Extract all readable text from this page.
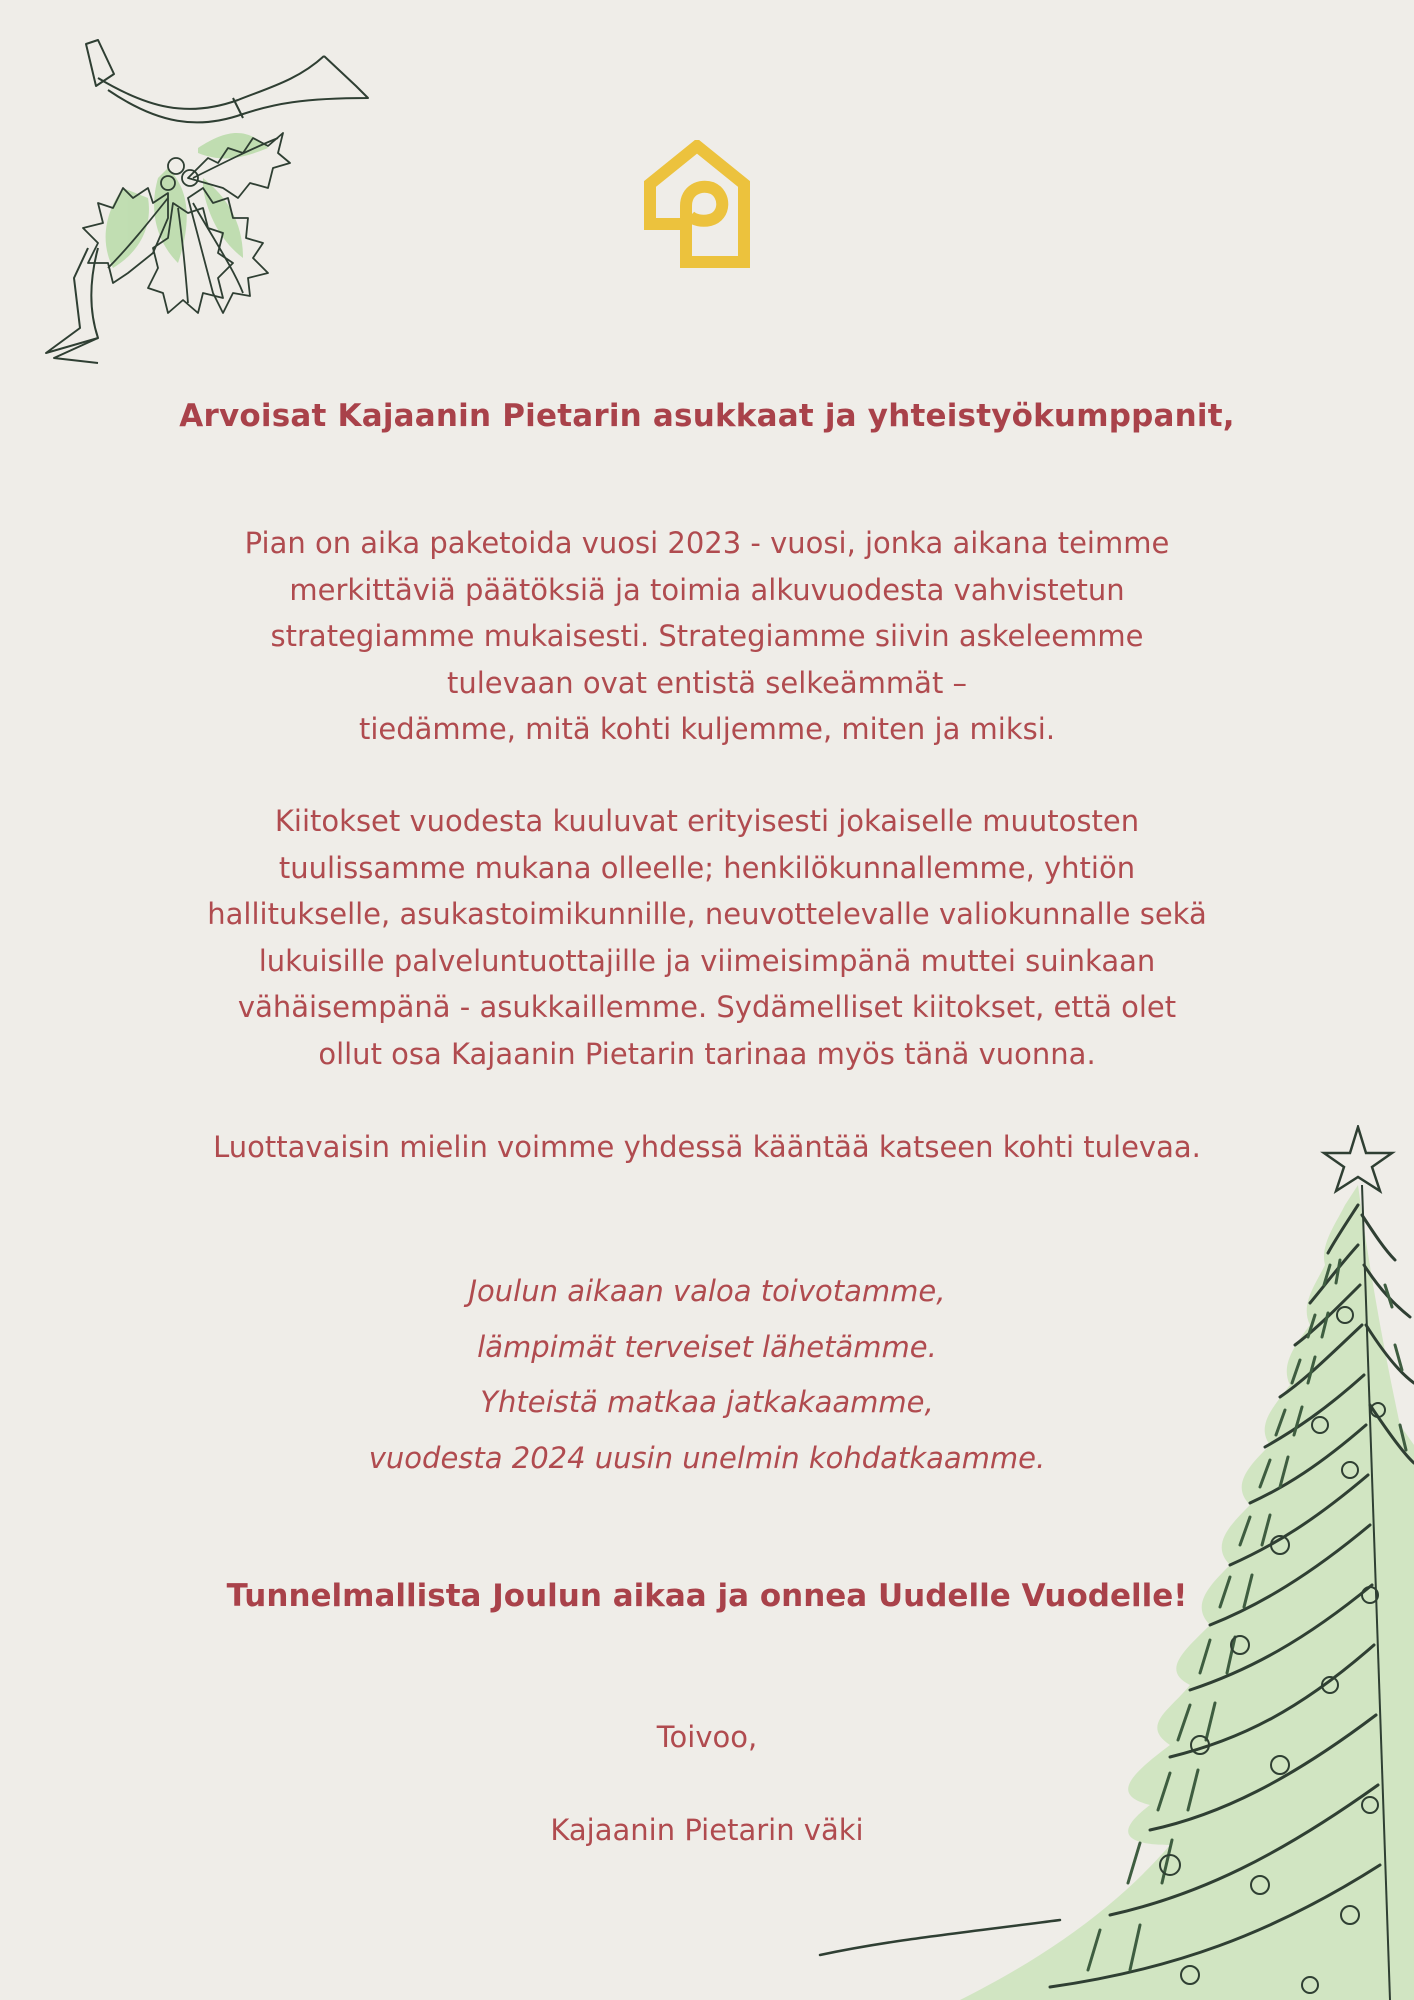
Arvoisat Kajaanin Pietarin asukkaat ja yhteistyökumppanit,
Pian on aika paketoida vuosi 2023 - vuosi, jonka aikana teimme
merkittäviä päätöksiä ja toimia alkuvuodesta vahvistetun
strategiamme mukaisesti. Strategiamme siivin askeleemme
tulevaan ovat entistä selkeämmät –
tiedämme, mitä kohti kuljemme, miten ja miksi.
Kiitokset vuodesta kuuluvat erityisesti jokaiselle muutosten
tuulissamme mukana olleelle; henkilökunnallemme, yhtiön
hallitukselle, asukastoimikunnille, neuvottelevalle valiokunnalle sekä
lukuisille palveluntuottajille ja viimeisimpänä muttei suinkaan
vähäisempänä - asukkaillemme. Sydämelliset kiitokset, että olet
ollut osa Kajaanin Pietarin tarinaa myös tänä vuonna.
Luottavaisin mielin voimme yhdessä kääntää katseen kohti tulevaa.
Joulun aikaan valoa toivotamme,
lämpimät terveiset lähetämme.
Yhteistä matkaa jatkakaamme,
vuodesta 2024 uusin unelmin kohdatkaamme.
Tunnelmallista Joulun aikaa ja onnea Uudelle Vuodelle!
Toivoo,
Kajaanin Pietarin väki
